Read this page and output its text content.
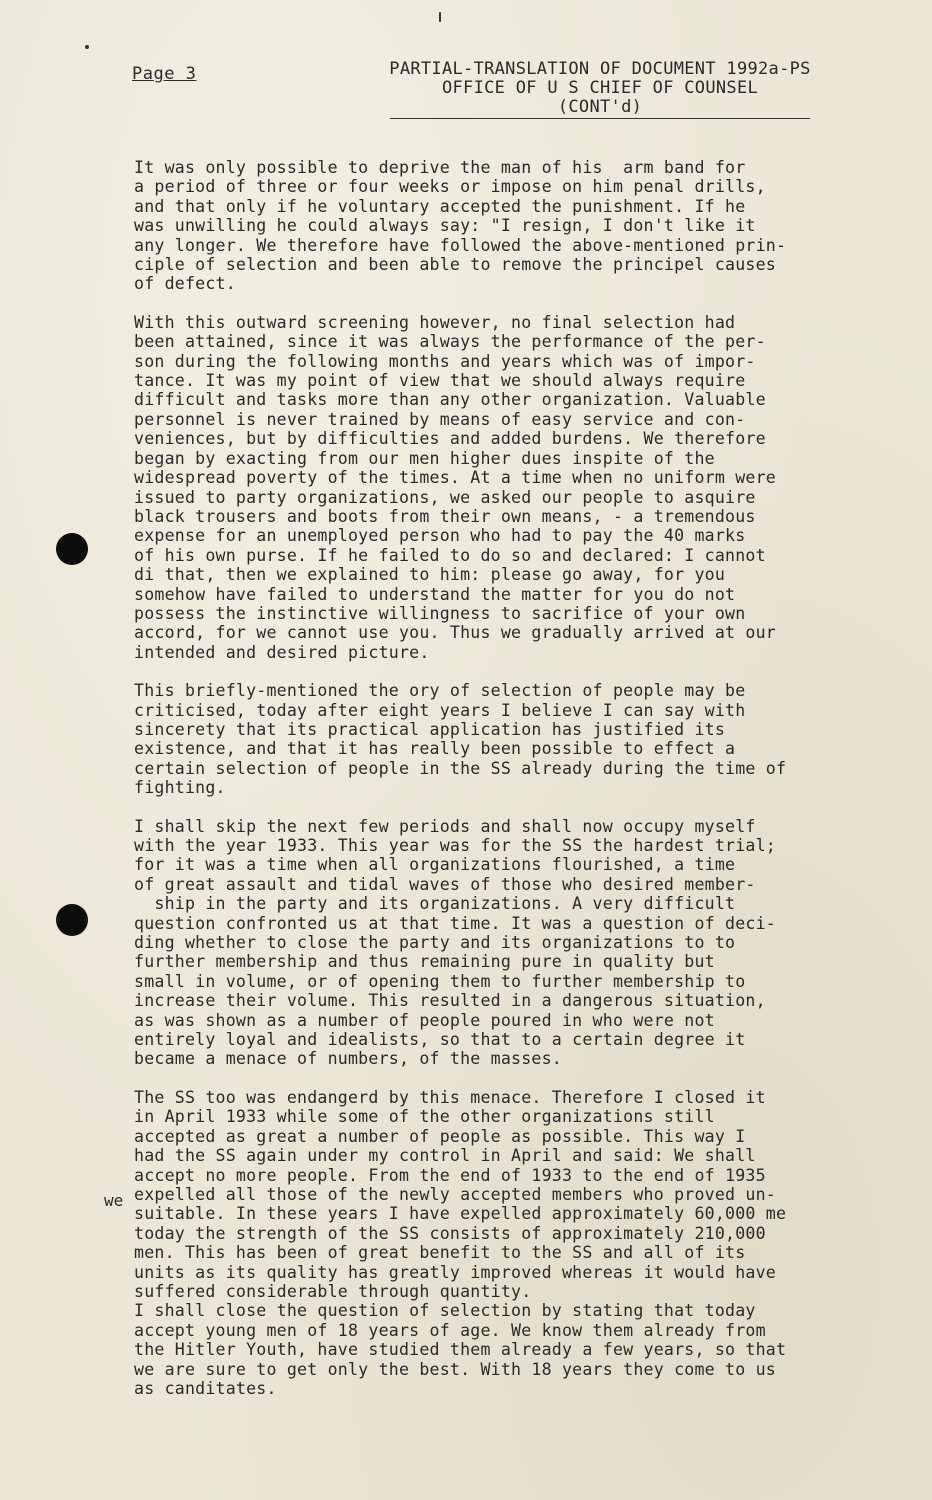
Page 3	PARTIAL-TRANSLATION OF DOCUMENT 1992a-PS
OFFICE OF U S CHIEF OF COUNSEL
(CONT'd)
we
It was only possible to deprive the man of his  arm band for
a period of three or four weeks or impose on him penal drills,
and that only if he voluntary accepted the punishment. If he
was unwilling he could always say: "I resign, I don't like it
any longer. We therefore have followed the above-mentioned prin-
ciple of selection and been able to remove the principel causes
of defect.
With this outward screening however, no final selection had
been attained, since it was always the performance of the per-
son during the following months and years which was of impor-
tance. It was my point of view that we should always require
difficult and tasks more than any other organization. Valuable
personnel is never trained by means of easy service and con-
veniences, but by difficulties and added burdens. We therefore
began by exacting from our men higher dues inspite of the
widespread poverty of the times. At a time when no uniform were
issued to party organizations, we asked our people to asquire
black trousers and boots from their own means, - a tremendous
expense for an unemployed person who had to pay the 40 marks
of his own purse. If he failed to do so and declared: I cannot
di that, then we explained to him: please go away, for you
somehow have failed to understand the matter for you do not
possess the instinctive willingness to sacrifice of your own
accord, for we cannot use you. Thus we gradually arrived at our
intended and desired picture.
This briefly-mentioned the ory of selection of people may be
criticised, today after eight years I believe I can say with
sincerety that its practical application has justified its
existence, and that it has really been possible to effect a
certain selection of people in the SS already during the time of
fighting.
I shall skip the next few periods and shall now occupy myself
with the year 1933. This year was for the SS the hardest trial;
for it was a time when all organizations flourished, a time
of great assault and tidal waves of those who desired member-
ship in the party and its organizations. A very difficult
question confronted us at that time. It was a question of deci-
ding whether to close the party and its organizations to to
further membership and thus remaining pure in quality but
small in volume, or of opening them to further membership to
increase their volume. This resulted in a dangerous situation,
as was shown as a number of people poured in who were not
entirely loyal and idealists, so that to a certain degree it
became a menace of numbers, of the masses.
The SS too was endangerd by this menace. Therefore I closed it
in April 1933 while some of the other organizations still
accepted as great a number of people as possible. This way I
had the SS again under my control in April and said: We shall
accept no more people. From the end of 1933 to the end of 1935
expelled all those of the newly accepted members who proved un-
suitable. In these years I have expelled approximately 60,000 me
today the strength of the SS consists of approximately 210,000
men. This has been of great benefit to the SS and all of its
units as its quality has greatly improved whereas it would have
suffered considerable through quantity.
I shall close the question of selection by stating that today
accept young men of 18 years of age. We know them already from
the Hitler Youth, have studied them already a few years, so that
we are sure to get only the best. With 18 years they come to us
as canditates.
